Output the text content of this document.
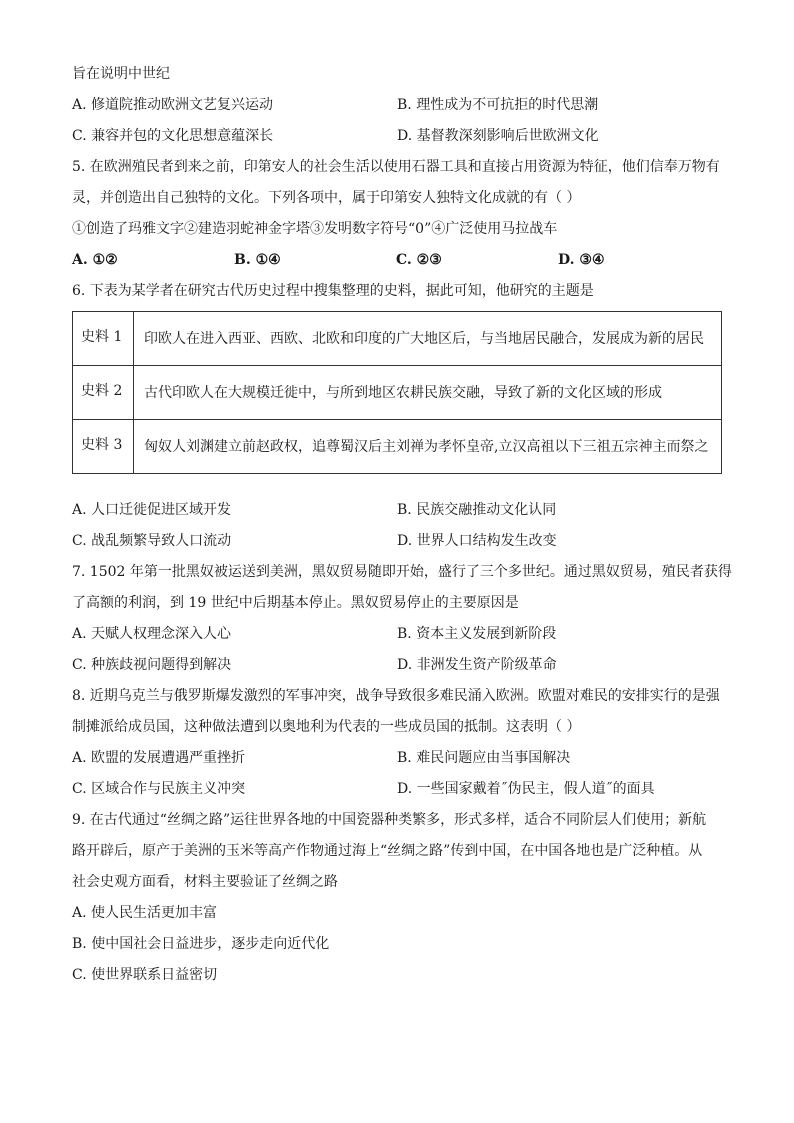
旨在说明中世纪

A. 修道院推动欧洲文艺复兴运动	B. 理性成为不可抗拒的时代思潮
C. 兼容并包的文化思想意蕴深长	D. 基督教深刻影响后世欧洲文化

5. 在欧洲殖民者到来之前，印第安人的社会生活以使用石器工具和直接占用资源为特征，他们信奉万物有

灵，并创造出自己独特的文化。下列各项中，属于印第安人独特文化成就的有（ ）

①创造了玛雅文字②建造羽蛇神金字塔③发明数字符号“0”④广泛使用马拉战车

A. ①②	B. ①④	C. ②③	D. ③④

6. 下表为某学者在研究古代历史过程中搜集整理的史料，据此可知，他研究的主题是

史料 1	印欧人在进入西亚、西欧、北欧和印度的广大地区后，与当地居民融合，发展成为新的居民
史料 2	古代印欧人在大规模迁徙中，与所到地区农耕民族交融，导致了新的文化区域的形成
史料 3	匈奴人刘渊建立前赵政权，追尊蜀汉后主刘禅为孝怀皇帝,立汉高祖以下三祖五宗神主而祭之
A. 人口迁徙促进区域开发	B. 民族交融推动文化认同
C. 战乱频繁导致人口流动	D. 世界人口结构发生改变

7. 1502 年第一批黑奴被运送到美洲，黑奴贸易随即开始，盛行了三个多世纪。通过黑奴贸易，殖民者获得

了高额的利润，到 19 世纪中后期基本停止。黑奴贸易停止的主要原因是

A. 天赋人权理念深入人心	B. 资本主义发展到新阶段
C. 种族歧视问题得到解决	D. 非洲发生资产阶级革命

8. 近期乌克兰与俄罗斯爆发激烈的军事冲突，战争导致很多难民涌入欧洲。欧盟对难民的安排实行的是强

制摊派给成员国，这种做法遭到以奥地利为代表的一些成员国的抵制。这表明（ ）

A. 欧盟的发展遭遇严重挫折	B. 难民问题应由当事国解决
C. 区域合作与民族主义冲突	D. 一些国家戴着˝伪民主，假人道˝的面具

9. 在古代通过“丝绸之路”运往世界各地的中国瓷器种类繁多，形式多样，适合不同阶层人们使用；新航

路开辟后，原产于美洲的玉米等高产作物通过海上“丝绸之路”传到中国，在中国各地也是广泛种植。从

社会史观方面看，材料主要验证了丝绸之路

A. 使人民生活更加丰富

B. 使中国社会日益进步，逐步走向近代化

C. 使世界联系日益密切
